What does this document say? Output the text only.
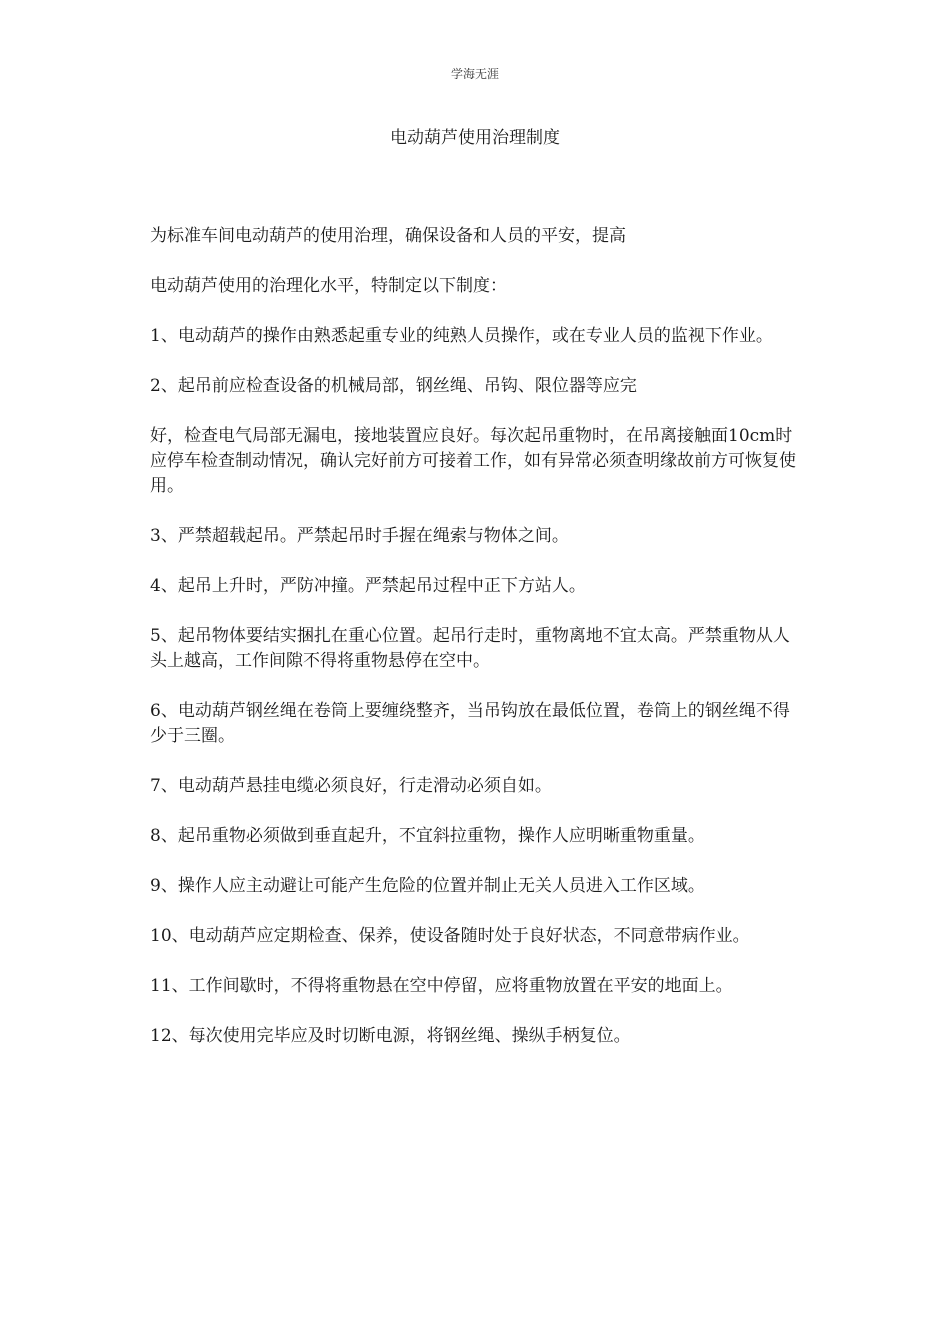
学海无涯
电动葫芦使用治理制度

为标准车间电动葫芦的使用治理，确保设备和人员的平安，提高

电动葫芦使用的治理化水平，特制定以下制度：

1、电动葫芦的操作由熟悉起重专业的纯熟人员操作，或在专业人员的监视下作业。

2、起吊前应检查设备的机械局部，钢丝绳、吊钩、限位器等应完

好，检查电气局部无漏电，接地装置应良好。每次起吊重物时，在吊离接触面10cm时应停车检查制动情况，确认完好前方可接着工作，如有异常必须查明缘故前方可恢复使用。

3、严禁超载起吊。严禁起吊时手握在绳索与物体之间。

4、起吊上升时，严防冲撞。严禁起吊过程中正下方站人。

5、起吊物体要结实捆扎在重心位置。起吊行走时，重物离地不宜太高。严禁重物从人头上越高，工作间隙不得将重物悬停在空中。

6、电动葫芦钢丝绳在卷筒上要缠绕整齐，当吊钩放在最低位置，卷筒上的钢丝绳不得少于三圈。

7、电动葫芦悬挂电缆必须良好，行走滑动必须自如。

8、起吊重物必须做到垂直起升，不宜斜拉重物，操作人应明晰重物重量。

9、操作人应主动避让可能产生危险的位置并制止无关人员进入工作区域。

10、电动葫芦应定期检查、保养，使设备随时处于良好状态，不同意带病作业。

11、工作间歇时，不得将重物悬在空中停留，应将重物放置在平安的地面上。

12、每次使用完毕应及时切断电源，将钢丝绳、操纵手柄复位。
